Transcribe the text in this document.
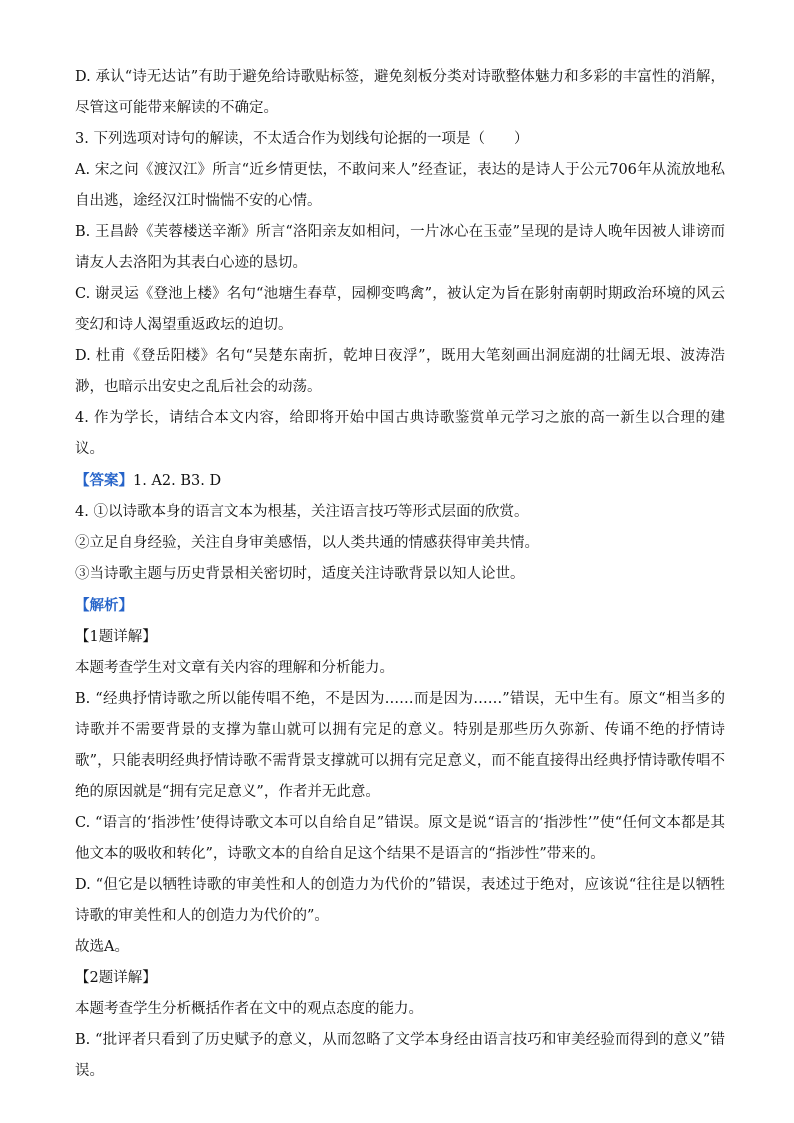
D. 承认“诗无达诂”有助于避免给诗歌贴标签，避免刻板分类对诗歌整体魅力和多彩的丰富性的消解，尽管这可能带来解读的不确定。

3. 下列选项对诗句的解读，不太适合作为划线句论据的一项是（　　）

A. 宋之问《渡汉江》所言“近乡情更怯，不敢问来人”经查证，表达的是诗人于公元706年从流放地私自出逃，途经汉江时惴惴不安的心情。

B. 王昌龄《芙蓉楼送辛渐》所言“洛阳亲友如相问，一片冰心在玉壶”呈现的是诗人晚年因被人诽谤而请友人去洛阳为其表白心迹的恳切。

C. 谢灵运《登池上楼》名句“池塘生春草，园柳变鸣禽”，被认定为旨在影射南朝时期政治环境的风云变幻和诗人渴望重返政坛的迫切。

D. 杜甫《登岳阳楼》名句“吴楚东南折，乾坤日夜浮”，既用大笔刻画出洞庭湖的壮阔无垠、波涛浩渺，也暗示出安史之乱后社会的动荡。

4. 作为学长，请结合本文内容，给即将开始中国古典诗歌鉴赏单元学习之旅的高一新生以合理的建议。

【答案】1. A2. B3. D

4. ①以诗歌本身的语言文本为根基，关注语言技巧等形式层面的欣赏。

②立足自身经验，关注自身审美感悟，以人类共通的情感获得审美共情。

③当诗歌主题与历史背景相关密切时，适度关注诗歌背景以知人论世。

【解析】

【1题详解】

本题考查学生对文章有关内容的理解和分析能力。

B. “经典抒情诗歌之所以能传唱不绝，不是因为……而是因为……”错误，无中生有。原文“相当多的诗歌并不需要背景的支撑为靠山就可以拥有完足的意义。特别是那些历久弥新、传诵不绝的抒情诗歌”，只能表明经典抒情诗歌不需背景支撑就可以拥有完足意义，而不能直接得出经典抒情诗歌传唱不绝的原因就是“拥有完足意义”，作者并无此意。

C. “语言的‘指涉性’使得诗歌文本可以自给自足”错误。原文是说“语言的‘指涉性’”使“任何文本都是其他文本的吸收和转化”，诗歌文本的自给自足这个结果不是语言的“指涉性”带来的。

D. “但它是以牺牲诗歌的审美性和人的创造力为代价的”错误，表述过于绝对，应该说“往往是以牺牲诗歌的审美性和人的创造力为代价的”。

故选A。

【2题详解】

本题考查学生分析概括作者在文中的观点态度的能力。

B. “批评者只看到了历史赋予的意义，从而忽略了文学本身经由语言技巧和审美经验而得到的意义”错误。
